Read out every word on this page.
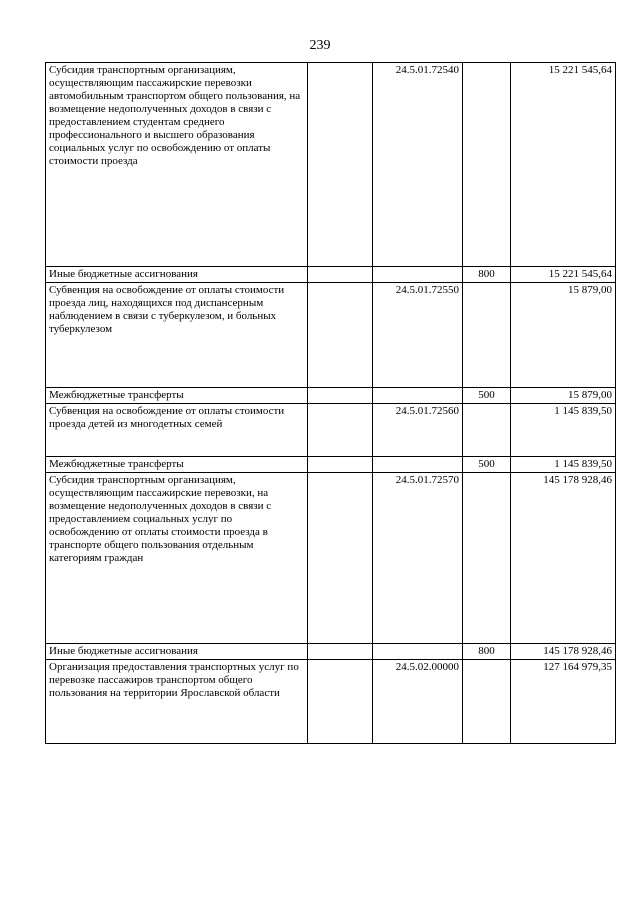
239
Субсидия транспортным организациям, осуществляющим пассажирские перевозки автомобильным транспортом общего пользования, на возмещение недополученных доходов в связи с предоставлением студентам среднего профессионального и высшего образования социальных услуг по освобождению от оплаты стоимости проезда		24.5.01.72540		15 221 545,64
Иные бюджетные ассигнования			800	15 221 545,64
Субвенция на освобождение от оплаты стоимости проезда лиц, находящихся под диспансерным наблюдением в связи с туберкулезом, и больных туберкулезом		24.5.01.72550		15 879,00
Межбюджетные трансферты			500	15 879,00
Субвенция на освобождение от оплаты стоимости проезда детей из многодетных семей		24.5.01.72560		1 145 839,50
Межбюджетные трансферты			500	1 145 839,50
Субсидия транспортным организациям, осуществляющим пассажирские перевозки, на возмещение недополученных доходов в связи с предоставлением социальных услуг по освобождению от оплаты стоимости проезда в транспорте общего пользования отдельным категориям граждан		24.5.01.72570		145 178 928,46
Иные бюджетные ассигнования			800	145 178 928,46
Организация предоставления транспортных услуг по перевозке пассажиров транспортом общего пользования на территории Ярославской области		24.5.02.00000		127 164 979,35
